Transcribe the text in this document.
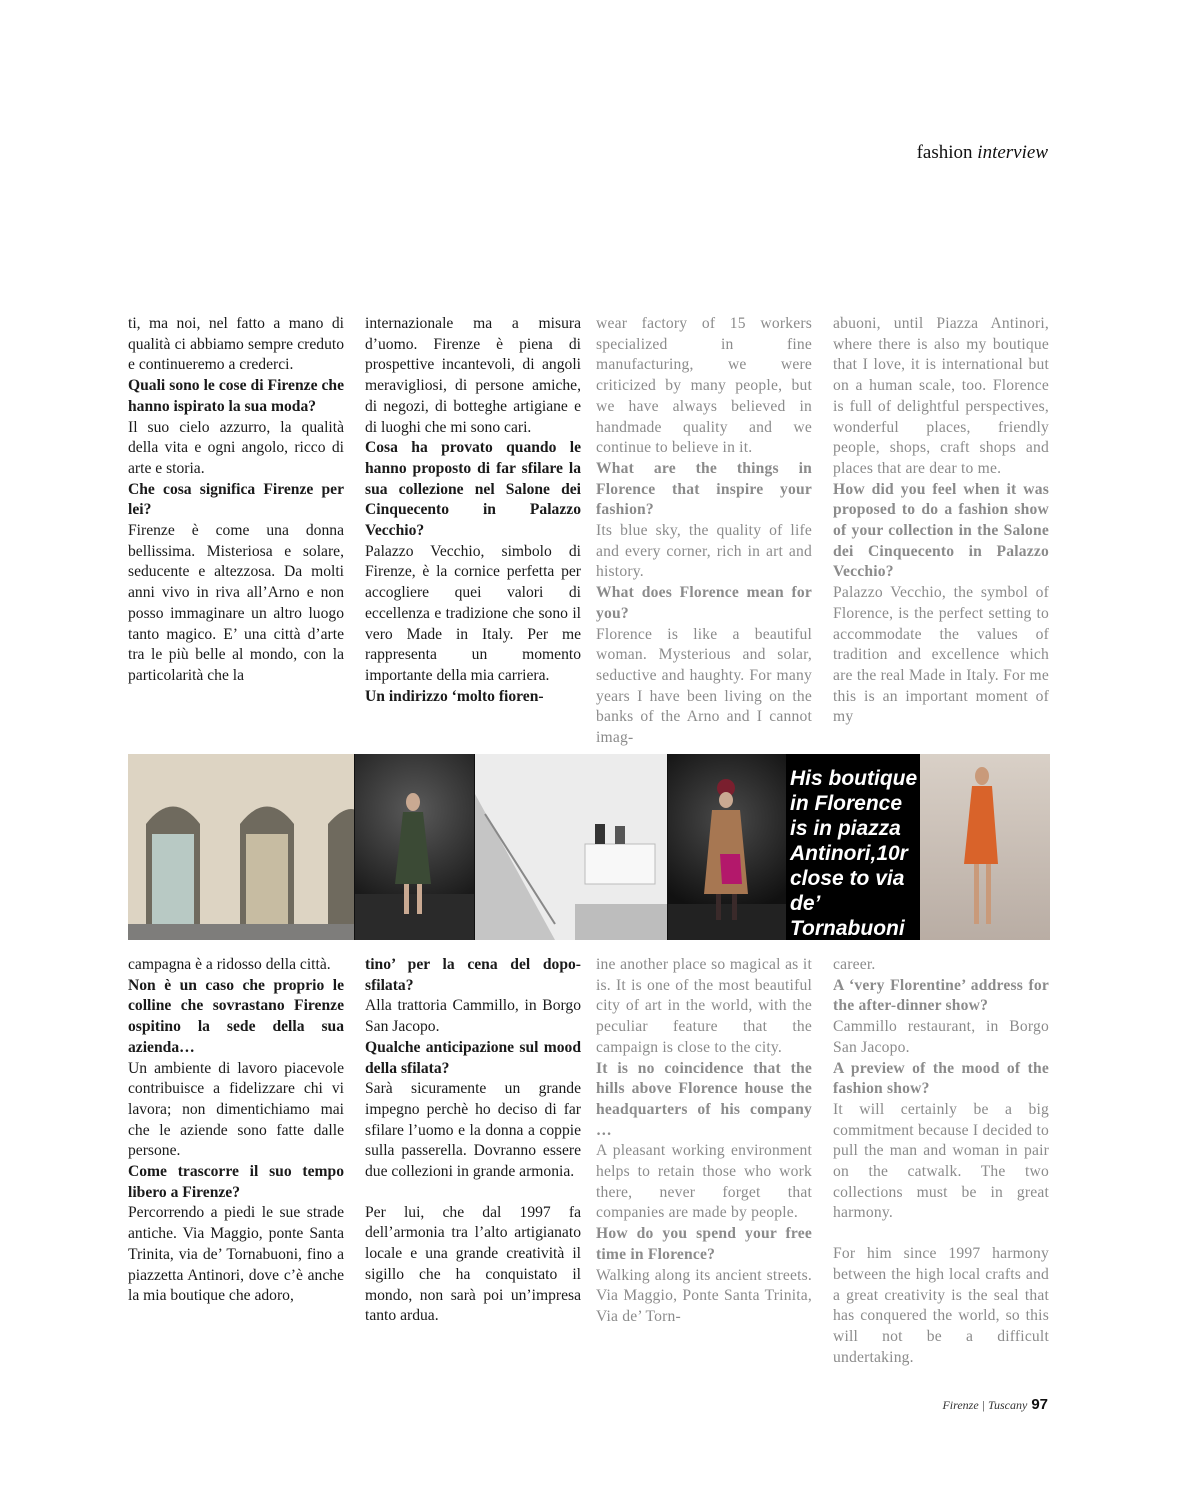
fashion interview

ti, ma noi, nel fatto a mano di qualità ci abbiamo sempre creduto e continueremo a crederci.

Quali sono le cose di Firenze che hanno ispirato la sua moda?

Il suo cielo azzurro, la qualità della vita e ogni angolo, ricco di arte e storia.

Che cosa significa Firenze per lei?

Firenze è come una donna bellissima. Misteriosa e solare, seducente e altezzosa. Da molti anni vivo in riva all’Arno e non posso immaginare un altro luogo tanto magico. E’ una città d’arte tra le più belle al mondo, con la particolarità che la

internazionale ma a misura d’uomo. Firenze è piena di prospettive incantevoli, di angoli meravigliosi, di persone amiche, di negozi, di botteghe artigiane e di luoghi che mi sono cari.

Cosa ha provato quando le hanno proposto di far sfilare la sua collezione nel Salone dei Cinquecento in Palazzo Vecchio?

Palazzo Vecchio, simbolo di Firenze, è la cornice perfetta per accogliere quei valori di eccellenza e tradizione che sono il vero Made in Italy. Per me rappresenta un momento importante della mia carriera.

Un indirizzo ‘molto fioren-

wear factory of 15 workers specialized in fine manufacturing, we were criticized by many people, but we have always believed in handmade quality and we continue to believe in it.

What are the things in Florence that inspire your fashion?

Its blue sky, the quality of life and every corner, rich in art and history.

What does Florence mean for you?

Florence is like a beautiful woman. Mysterious and solar, seductive and haughty. For many years I have been living on the banks of the Arno and I cannot imag-

abuoni, until Piazza Antinori, where there is also my boutique that I love, it is international but on a human scale, too. Florence is full of delightful perspectives, wonderful places, friendly people, shops, craft shops and places that are dear to me.

How did you feel when it was proposed to do a fashion show of your collection in the Salone dei Cinquecento in Palazzo Vecchio?

Palazzo Vecchio, the symbol of Florence, is the perfect setting to accommodate the values of tradition and excellence which are the real Made in Italy. For me this is an important moment of my

His boutique in Florence is in piazza Antinori,10r close to via de’ Tornabuoni

campagna è a ridosso della città.

Non è un caso che proprio le colline che sovrastano Firenze ospitino la sede della sua azienda…

Un ambiente di lavoro piacevole contribuisce a fidelizzare chi vi lavora; non dimentichiamo mai che le aziende sono fatte dalle persone.

Come trascorre il suo tempo libero a Firenze?

Percorrendo a piedi le sue strade antiche. Via Maggio, ponte Santa Trinita, via de’ Tornabuoni, fino a piazzetta Antinori, dove c’è anche la mia boutique che adoro,

tino’ per la cena del dopo-sfilata?

Alla trattoria Cammillo, in Borgo San Jacopo.

Qualche anticipazione sul mood della sfilata?

Sarà sicuramente un grande impegno perchè ho deciso di far sfilare l’uomo e la donna a coppie sulla passerella. Dovranno essere due collezioni in grande armonia.

Per lui, che dal 1997 fa dell’armonia tra l’alto artigianato locale e una grande creatività il sigillo che ha conquistato il mondo, non sarà poi un’impresa tanto ardua.

ine another place so magical as it is. It is one of the most beautiful city of art in the world, with the peculiar feature that the campaign is close to the city.

It is no coincidence that the hills above Florence house the headquarters of his company …

A pleasant working environment helps to retain those who work there, never forget that companies are made by people.

How do you spend your free time in Florence?

Walking along its ancient streets. Via Maggio, Ponte Santa Trinita, Via de’ Torn-

career.

A ‘very Florentine’ address for the after-dinner show?

Cammillo restaurant, in Borgo San Jacopo.

A preview of the mood of the fashion show?

It will certainly be a big commitment because I decided to pull the man and woman in pair on the catwalk. The two collections must be in great harmony.

For him since 1997 harmony between the high local crafts and a great creativity is the seal that has conquered the world, so this will not be a difficult undertaking.

Firenze | Tuscany 97
